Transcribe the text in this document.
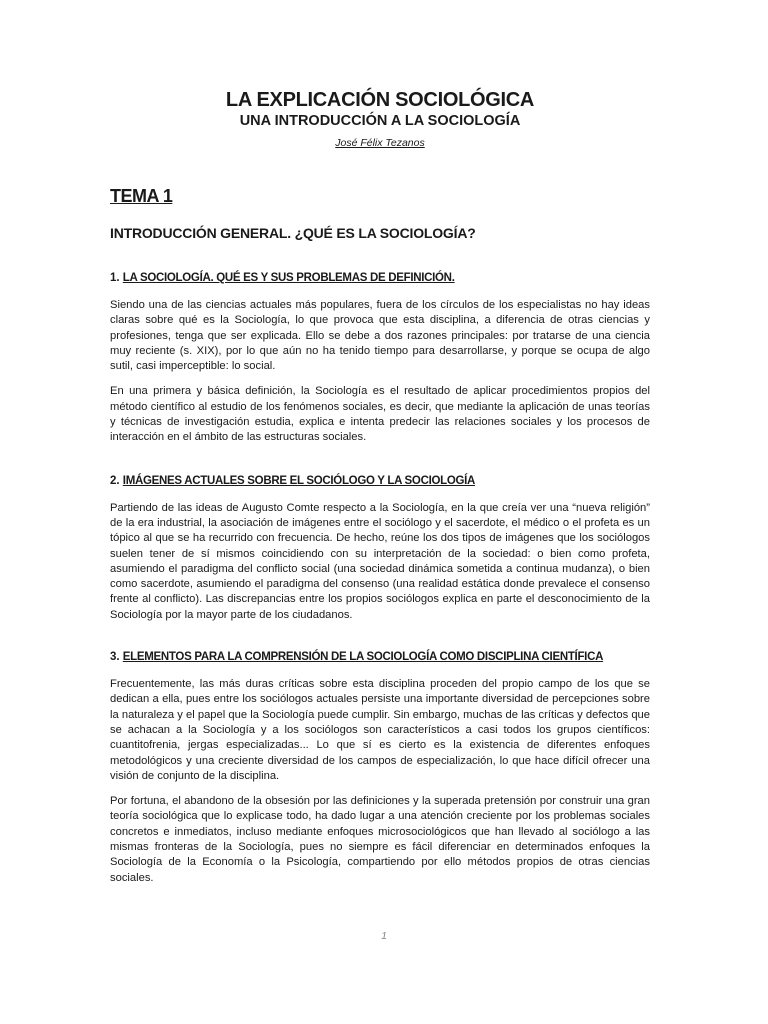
LA EXPLICACIÓN SOCIOLÓGICA
UNA INTRODUCCIÓN A LA SOCIOLOGÍA

José Félix Tezanos

TEMA 1
INTRODUCCIÓN GENERAL. ¿QUÉ ES LA SOCIOLOGÍA?
1. LA SOCIOLOGÍA. QUÉ ES Y SUS PROBLEMAS DE DEFINICIÓN.

Siendo una de las ciencias actuales más populares, fuera de los círculos de los especialistas no hay ideas claras sobre qué es la Sociología, lo que provoca que esta disciplina, a diferencia de otras ciencias y profesiones, tenga que ser explicada. Ello se debe a dos razones principales: por tratarse de una ciencia muy reciente (s. XIX), por lo que aún no ha tenido tiempo para desarrollarse, y porque se ocupa de algo sutil, casi imperceptible: lo social.

En una primera y básica definición, la Sociología es el resultado de aplicar procedimientos propios del método científico al estudio de los fenómenos sociales, es decir, que mediante la aplicación de unas teorías y técnicas de investigación estudia, explica e intenta predecir las relaciones sociales y los procesos de interacción en el ámbito de las estructuras sociales.

2. IMÁGENES ACTUALES SOBRE EL SOCIÓLOGO Y LA SOCIOLOGÍA

Partiendo de las ideas de Augusto Comte respecto a la Sociología, en la que creía ver una “nueva religión” de la era industrial, la asociación de imágenes entre el sociólogo y el sacerdote, el médico o el profeta es un tópico al que se ha recurrido con frecuencia. De hecho, reúne los dos tipos de imágenes que los sociólogos suelen tener de sí mismos coincidiendo con su interpretación de la sociedad: o bien como profeta, asumiendo el paradigma del conflicto social (una sociedad dinámica sometida a continua mudanza), o bien como sacerdote, asumiendo el paradigma del consenso (una realidad estática donde prevalece el consenso frente al conflicto). Las discrepancias entre los propios sociólogos explica en parte el desconocimiento de la Sociología por la mayor parte de los ciudadanos.

3. ELEMENTOS PARA LA COMPRENSIÓN DE LA SOCIOLOGÍA COMO DISCIPLINA CIENTÍFICA

Frecuentemente, las más duras críticas sobre esta disciplina proceden del propio campo de los que se dedican a ella, pues entre los sociólogos actuales persiste una importante diversidad de percepciones sobre la naturaleza y el papel que la Sociología puede cumplir. Sin embargo, muchas de las críticas y defectos que se achacan a la Sociología y a los sociólogos son característicos a casi todos los grupos científicos: cuantitofrenia, jergas especializadas... Lo que sí es cierto es la existencia de diferentes enfoques metodológicos y una creciente diversidad de los campos de especialización, lo que hace difícil ofrecer una visión de conjunto de la disciplina.

Por fortuna, el abandono de la obsesión por las definiciones y la superada pretensión por construir una gran teoría sociológica que lo explicase todo, ha dado lugar a una atención creciente por los problemas sociales concretos e inmediatos, incluso mediante enfoques microsociológicos que han llevado al sociólogo a las mismas fronteras de la Sociología, pues no siempre es fácil diferenciar en determinados enfoques la Sociología de la Economía o la Psicología, compartiendo por ello métodos propios de otras ciencias sociales.

1
